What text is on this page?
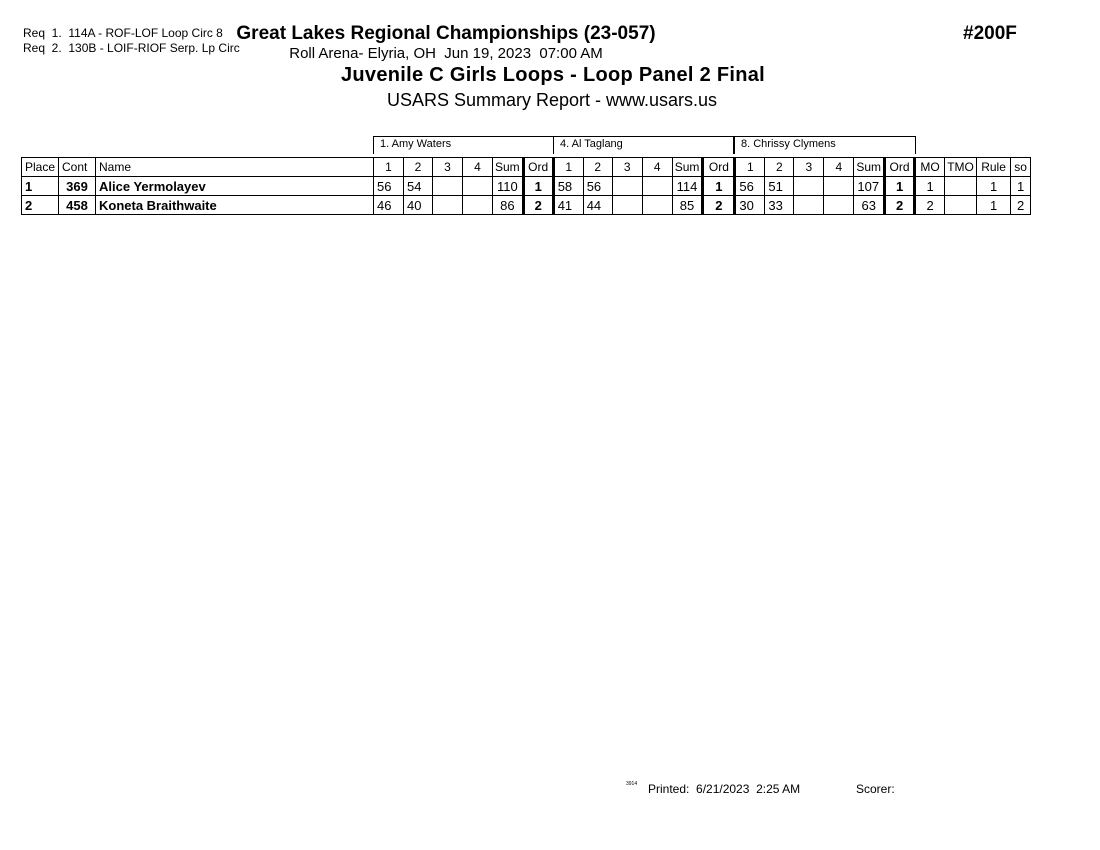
Req  1.  114A - ROF-LOF Loop Circ 8
Req  2.  130B - LOIF-RIOF Serp. Lp Circ
Great Lakes Regional Championships (23-057)
Roll Arena- Elyria, OH  Jun 19, 2023  07:00 AM
Juvenile C Girls Loops - Loop Panel 2 Final
USARS Summary Report - www.usars.us
#200F
1. Amy Waters	4. Al Taglang	8. Chrissy Clymens
Place	Cont	Name	1	2	3	4	Sum	Ord	1	2	3	4	Sum	Ord	1	2	3	4	Sum	Ord	MO	TMO	Rule	so
1	369	Alice Yermolayev	56	54			110	1	58	56			114	1	56	51			107	1	1		1	1
2	458	Koneta Braithwaite	46	40			86	2	41	44			85	2	30	33			63	2	2		1	2
3914 Printed:  6/21/2023  2:25 AM	Scorer:
